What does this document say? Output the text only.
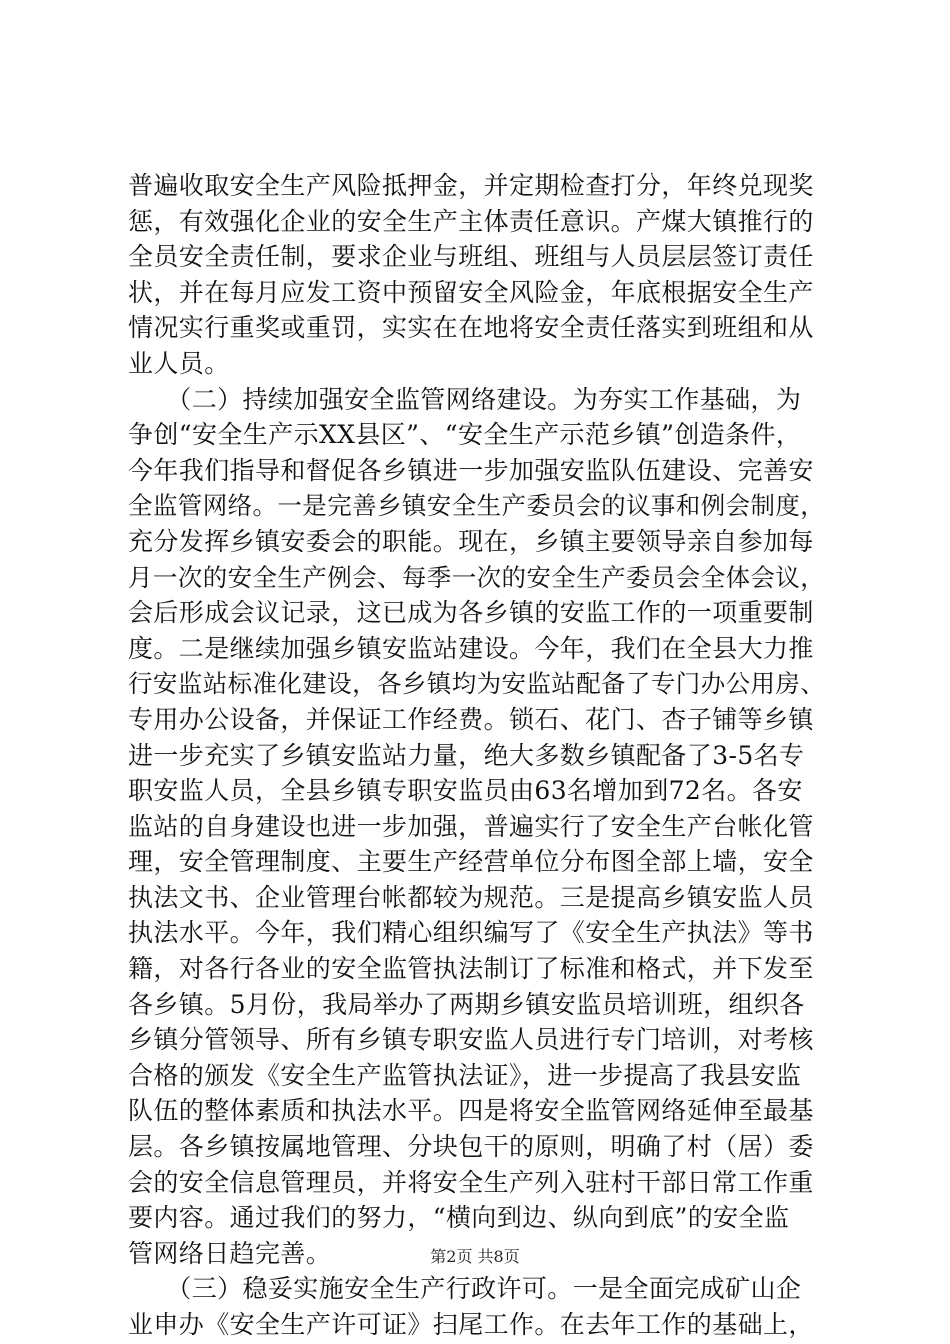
普遍收取安全生产风险抵押金，并定期检查打分，年终兑现奖
惩，有效强化企业的安全生产主体责任意识。产煤大镇推行的
全员安全责任制，要求企业与班组、班组与人员层层签订责任
状，并在每月应发工资中预留安全风险金，年底根据安全生产
情况实行重奖或重罚，实实在在地将安全责任落实到班组和从
业人员。
　　（二）持续加强安全监管网络建设。为夯实工作基础，为
争创“安全生产示XX县区”、“安全生产示范乡镇”创造条件，
今年我们指导和督促各乡镇进一步加强安监队伍建设、完善安
全监管网络。一是完善乡镇安全生产委员会的议事和例会制度，
充分发挥乡镇安委会的职能。现在，乡镇主要领导亲自参加每
月一次的安全生产例会、每季一次的安全生产委员会全体会议，
会后形成会议记录，这已成为各乡镇的安监工作的一项重要制
度。二是继续加强乡镇安监站建设。今年，我们在全县大力推
行安监站标准化建设，各乡镇均为安监站配备了专门办公用房、
专用办公设备，并保证工作经费。锁石、花门、杏子铺等乡镇
进一步充实了乡镇安监站力量，绝大多数乡镇配备了3-5名专
职安监人员，全县乡镇专职安监员由63名增加到72名。各安
监站的自身建设也进一步加强，普遍实行了安全生产台帐化管
理，安全管理制度、主要生产经营单位分布图全部上墙，安全
执法文书、企业管理台帐都较为规范。三是提高乡镇安监人员
执法水平。今年，我们精心组织编写了《安全生产执法》等书
籍，对各行各业的安全监管执法制订了标准和格式，并下发至
各乡镇。5月份，我局举办了两期乡镇安监员培训班，组织各
乡镇分管领导、所有乡镇专职安监人员进行专门培训，对考核
合格的颁发《安全生产监管执法证》，进一步提高了我县安监
队伍的整体素质和执法水平。四是将安全监管网络延伸至最基
层。各乡镇按属地管理、分块包干的原则，明确了村（居）委
会的安全信息管理员，并将安全生产列入驻村干部日常工作重
要内容。通过我们的努力，“横向到边、纵向到底”的安全监
管网络日趋完善。
　　（三）稳妥实施安全生产行政许可。一是全面完成矿山企
业申办《安全生产许可证》扫尾工作。在去年工作的基础上，
第2页 共8页
